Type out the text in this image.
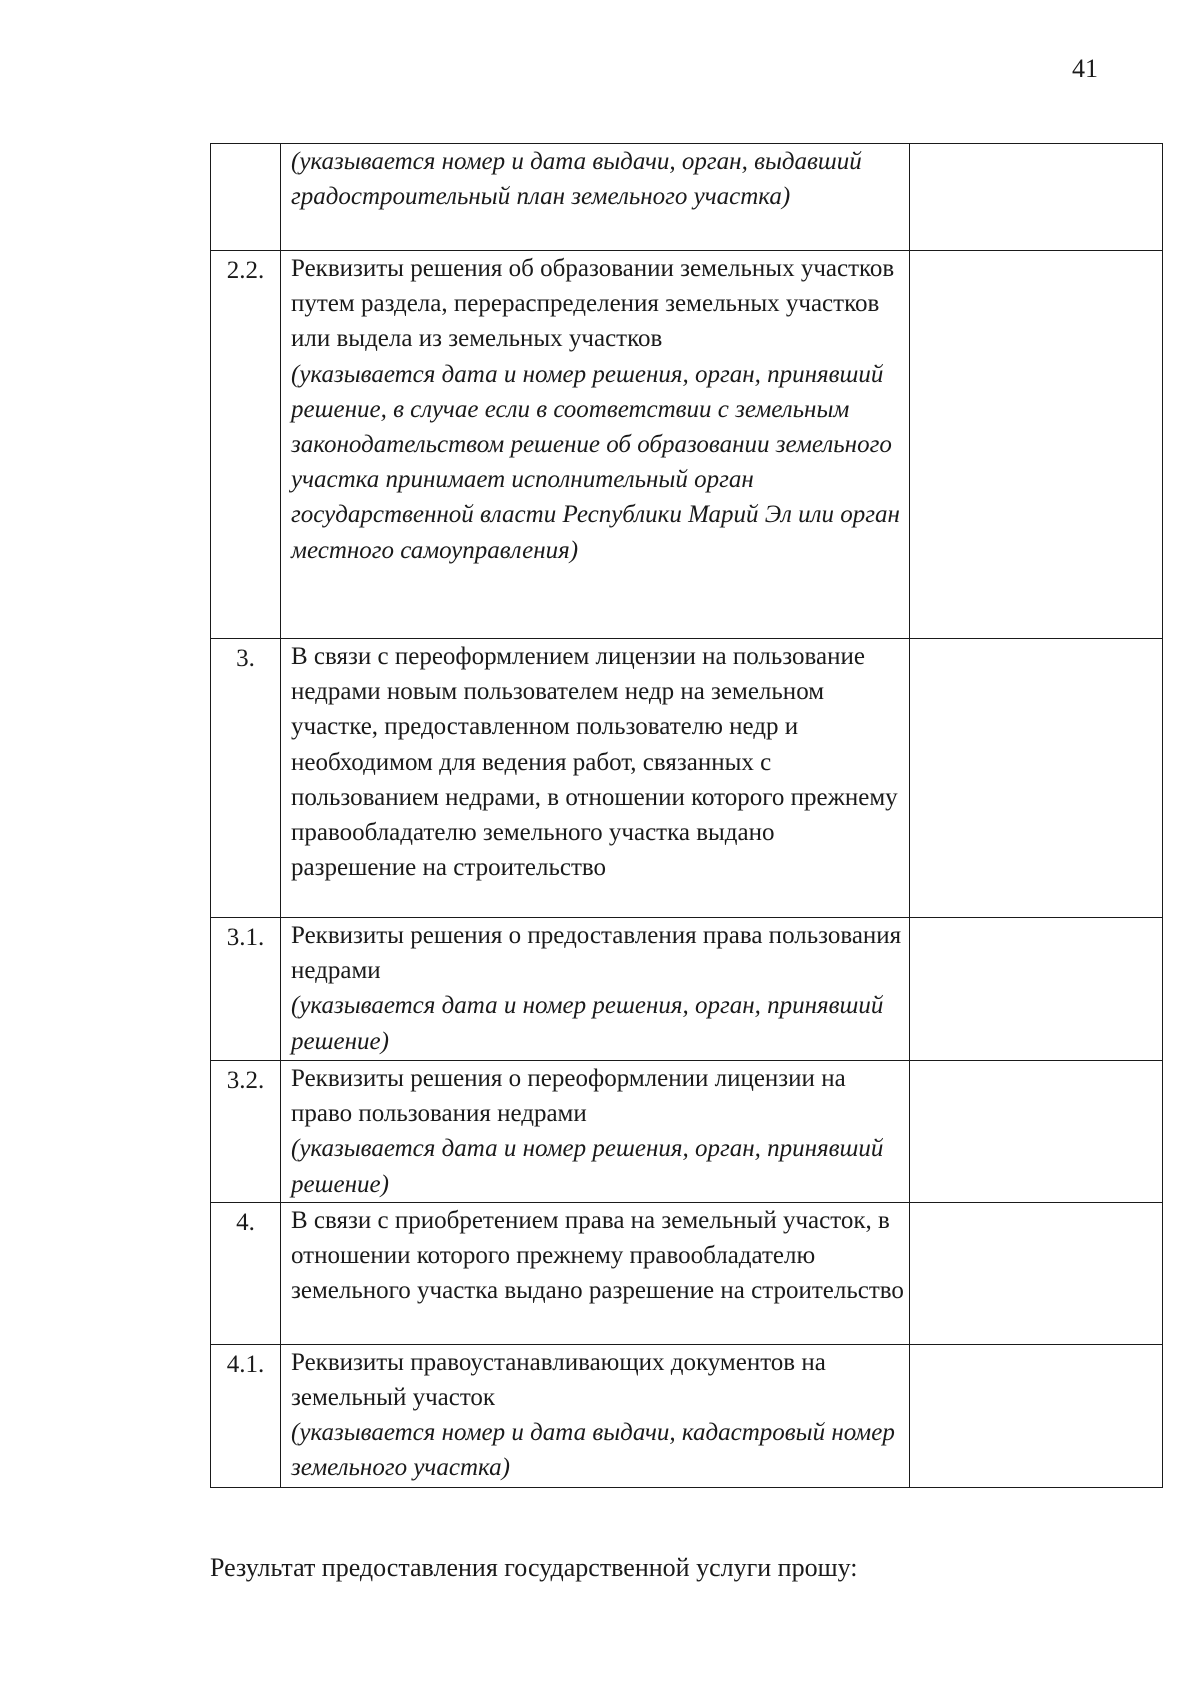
41

	(указывается номер и дата выдачи, орган, выдавший градостроительный план земельного участка)	

2.2.	Реквизиты решения об образовании земельных участков путем раздела, перераспределения земельных участков или выдела из земельных участков
(указывается дата и номер решения, орган, принявший решение, в случае если в соответствии с земельным законодательством решение об образовании земельного участка принимает исполнительный орган государственной власти Республики Марий Эл или орган местного самоуправления)	

3.	В связи с переоформлением лицензии на пользование недрами новым пользователем недр на земельном участке, предоставленном пользователю недр и необходимом для ведения работ, связанных с пользованием недрами, в отношении которого прежнему правообладателю земельного участка выдано разрешение на строительство	

3.1.	Реквизиты решения о предоставления права пользования недрами
(указывается дата и номер решения, орган, принявший решение)	

3.2.	Реквизиты решения о переоформлении лицензии на право пользования недрами
(указывается дата и номер решения, орган, принявший решение)	

4.	В связи с приобретением права на земельный участок, в отношении которого прежнему правообладателю земельного участка выдано разрешение на строительство	

4.1.	Реквизиты правоустанавливающих документов на земельный участок
(указывается номер и дата выдачи, кадастровый номер земельного участка)	

Результат предоставления государственной услуги прошу:
